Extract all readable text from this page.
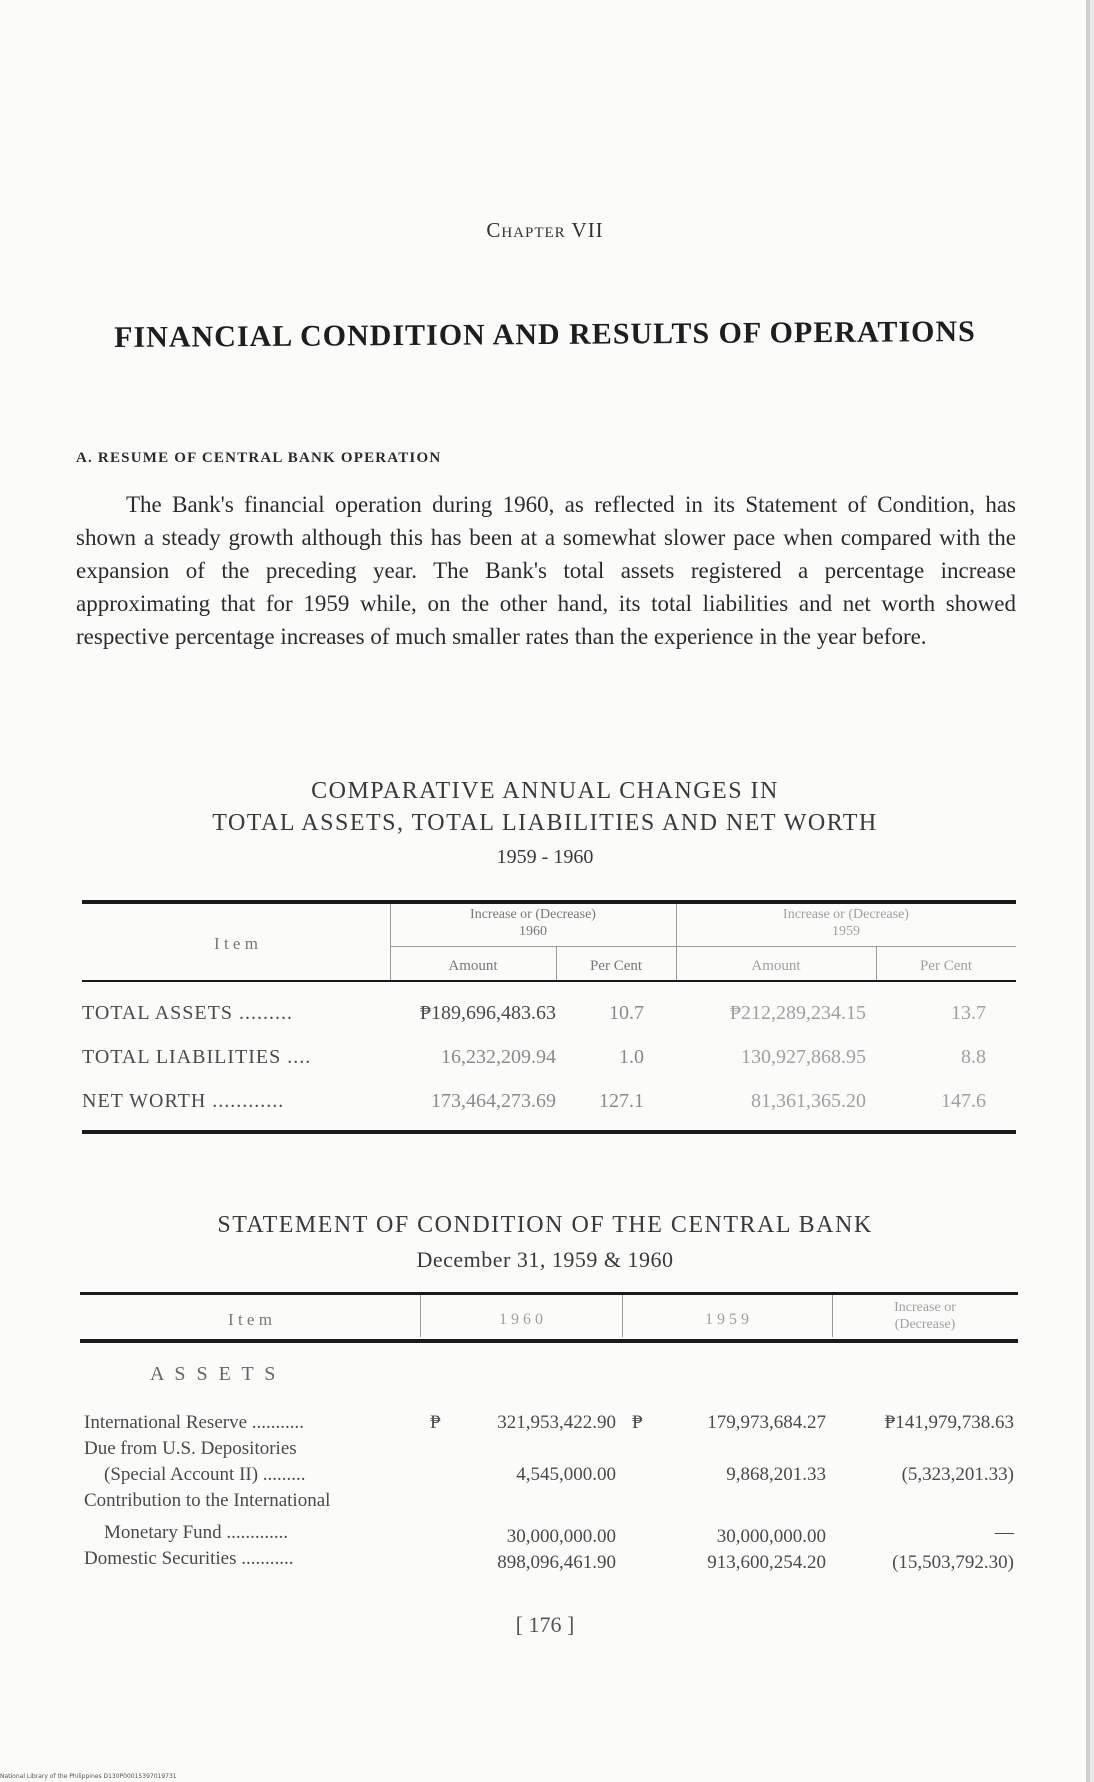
Chapter VII
FINANCIAL CONDITION AND RESULTS OF OPERATIONS
A. RESUME OF CENTRAL BANK OPERATION
The Bank's financial operation during 1960, as reflected in its Statement of Condition, has shown a steady growth although this has been at a somewhat slower pace when compared with the expansion of the preceding year. The Bank's total assets registered a percentage increase approximating that for 1959 while, on the other hand, its total liabilities and net worth showed respective percentage increases of much smaller rates than the experience in the year before.
COMPARATIVE ANNUAL CHANGES IN
TOTAL ASSETS, TOTAL LIABILITIES AND NET WORTH
1959 - 1960
I t e m
Increase or (Decrease)
1960
Increase or (Decrease)
1959
Amount	Per Cent	Amount	Per Cent
TOTAL ASSETS .........	₱189,696,483.63	10.7	₱212,289,234.15	13.7
TOTAL LIABILITIES ....	16,232,209.94	1.0	130,927,868.95	8.8
NET WORTH ............	173,464,273.69	127.1	81,361,365.20	147.6
STATEMENT OF CONDITION OF THE CENTRAL BANK
December 31, 1959 & 1960
I t e m	1 9 6 0	1 9 5 9
Increase or
(Decrease)
A S S E T S
International Reserve ...........	₱	321,953,422.90 ₱	179,973,684.27	₱141,979,738.63
Due from U.S. Depositories
(Special Account II) .........	4,545,000.00	9,868,201.33	(5,323,201.33)
Contribution to the International
Monetary Fund .............	30,000,000.00	30,000,000.00	—
Domestic Securities ...........	898,096,461.90	913,600,254.20	(15,503,792.30)
[ 176 ]
National Library of the Philippines D130P00015397019731
